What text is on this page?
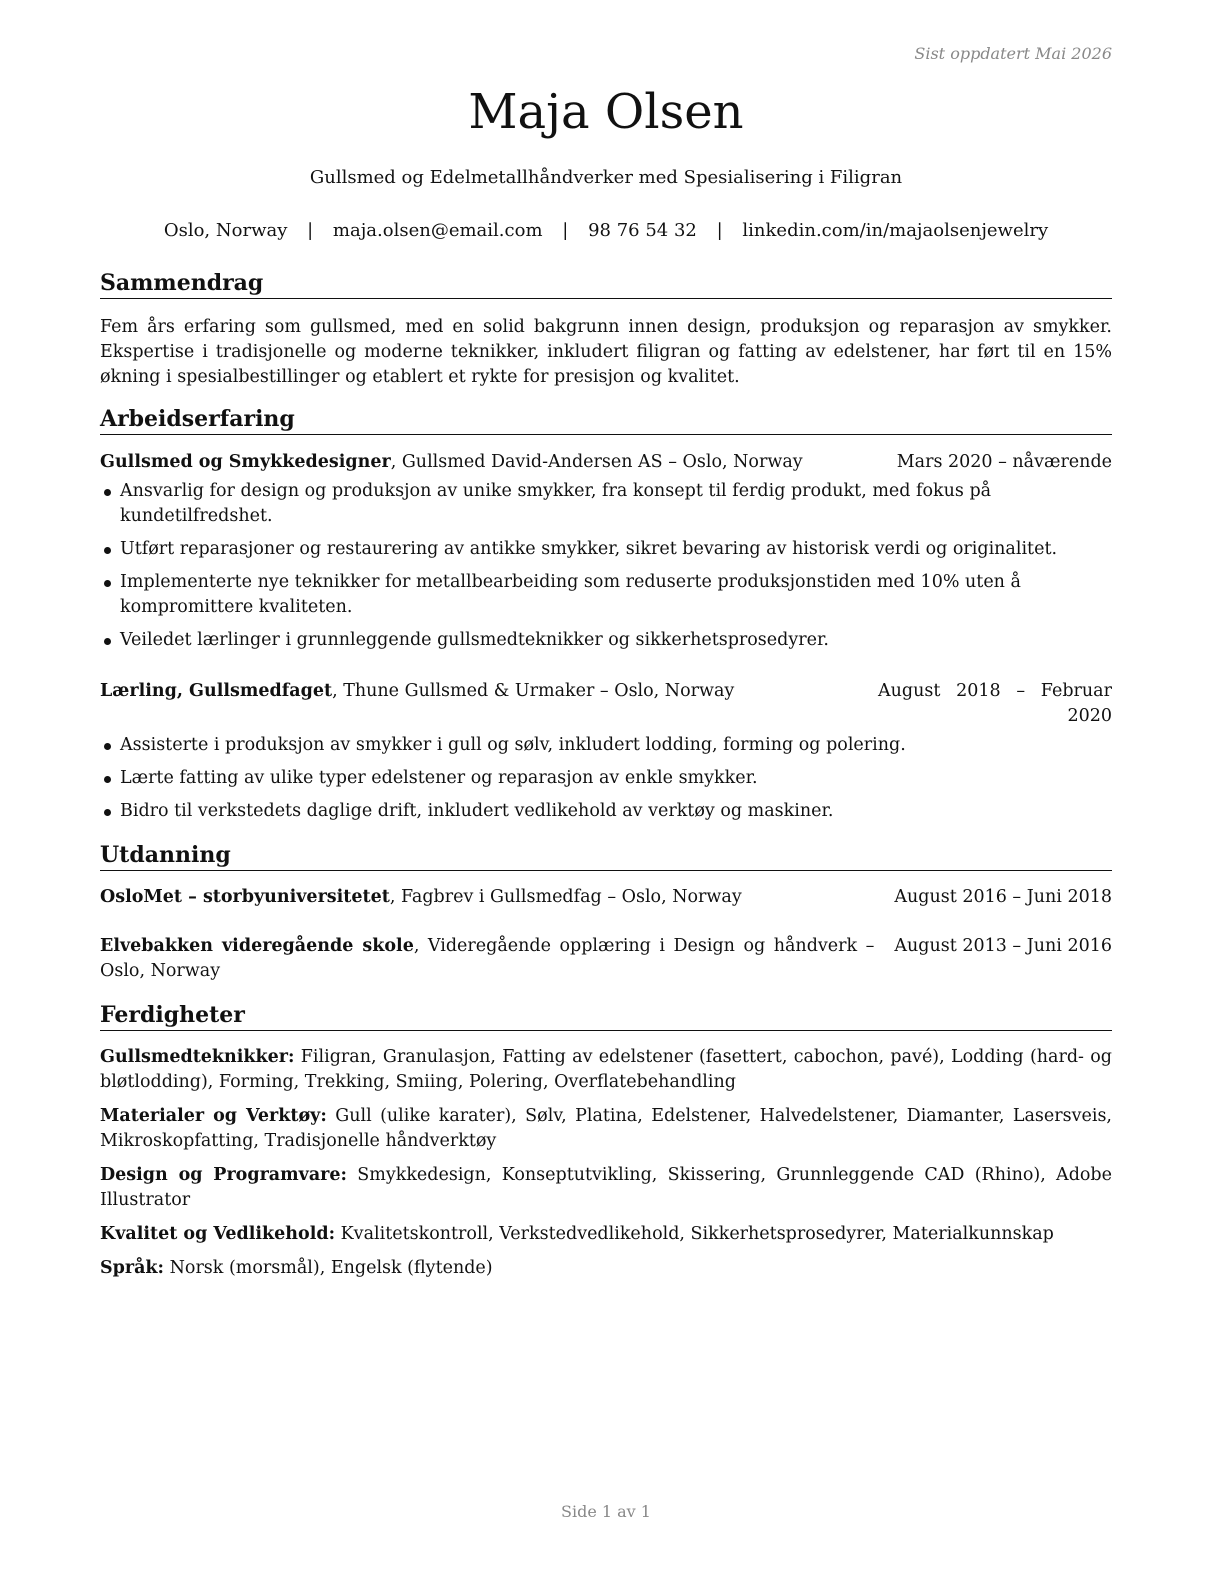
Sist oppdatert Mai 2026
Maja Olsen
Gullsmed og Edelmetallhåndverker med Spesialisering i Filigran
Oslo, Norway | maja.olsen@email.com | 98 76 54 32 | linkedin.com/in/majaolsenjewelry
Sammendrag

Fem års erfaring som gullsmed, med en solid bakgrunn innen design, produksjon og reparasjon av smykker. Ekspertise i tradisjonelle og moderne teknikker, inkludert filigran og fatting av edelstener, har ført til en 15% økning i spesialbestillinger og etablert et rykte for presisjon og kvalitet.

Arbeidserfaring
Gullsmed og Smykkedesigner, Gullsmed David-Andersen AS – Oslo, Norway	Mars 2020 – nåværende
Ansvarlig for design og produksjon av unike smykker, fra konsept til ferdig produkt, med fokus på kundetilfredshet.
Utført reparasjoner og restaurering av antikke smykker, sikret bevaring av historisk verdi og originalitet.
Implementerte nye teknikker for metallbearbeiding som reduserte produksjonstiden med 10% uten å kompromittere kvaliteten.
Veiledet lærlinger i grunnleggende gullsmedteknikker og sikkerhetsprosedyrer.
Lærling, Gullsmedfaget, Thune Gullsmed & Urmaker – Oslo, Norway	August 2018 – Februar 2020
Assisterte i produksjon av smykker i gull og sølv, inkludert lodding, forming og polering.
Lærte fatting av ulike typer edelstener og reparasjon av enkle smykker.
Bidro til verkstedets daglige drift, inkludert vedlikehold av verktøy og maskiner.
Utdanning
OsloMet – storbyuniversitetet, Fagbrev i Gullsmedfag – Oslo, Norway	August 2016 – Juni 2018
Elvebakken videregående skole, Videregående opplæring i Design og håndverk – Oslo, Norway
August 2013 – Juni 2016
Ferdigheter
Gullsmedteknikker: Filigran, Granulasjon, Fatting av edelstener (fasettert, cabochon, pavé), Lodding (hard- og bløtlodding), Forming, Trekking, Smiing, Polering, Overflatebehandling
Materialer og Verktøy: Gull (ulike karater), Sølv, Platina, Edelstener, Halvedelstener, Diamanter, Lasersveis, Mikroskopfatting, Tradisjonelle håndverktøy
Design og Programvare: Smykkedesign, Konseptutvikling, Skissering, Grunnleggende CAD (Rhino), Adobe Illustrator
Kvalitet og Vedlikehold: Kvalitetskontroll, Verkstedvedlikehold, Sikkerhetsprosedyrer, Materialkunnskap
Språk: Norsk (morsmål), Engelsk (flytende)
Side 1 av 1
